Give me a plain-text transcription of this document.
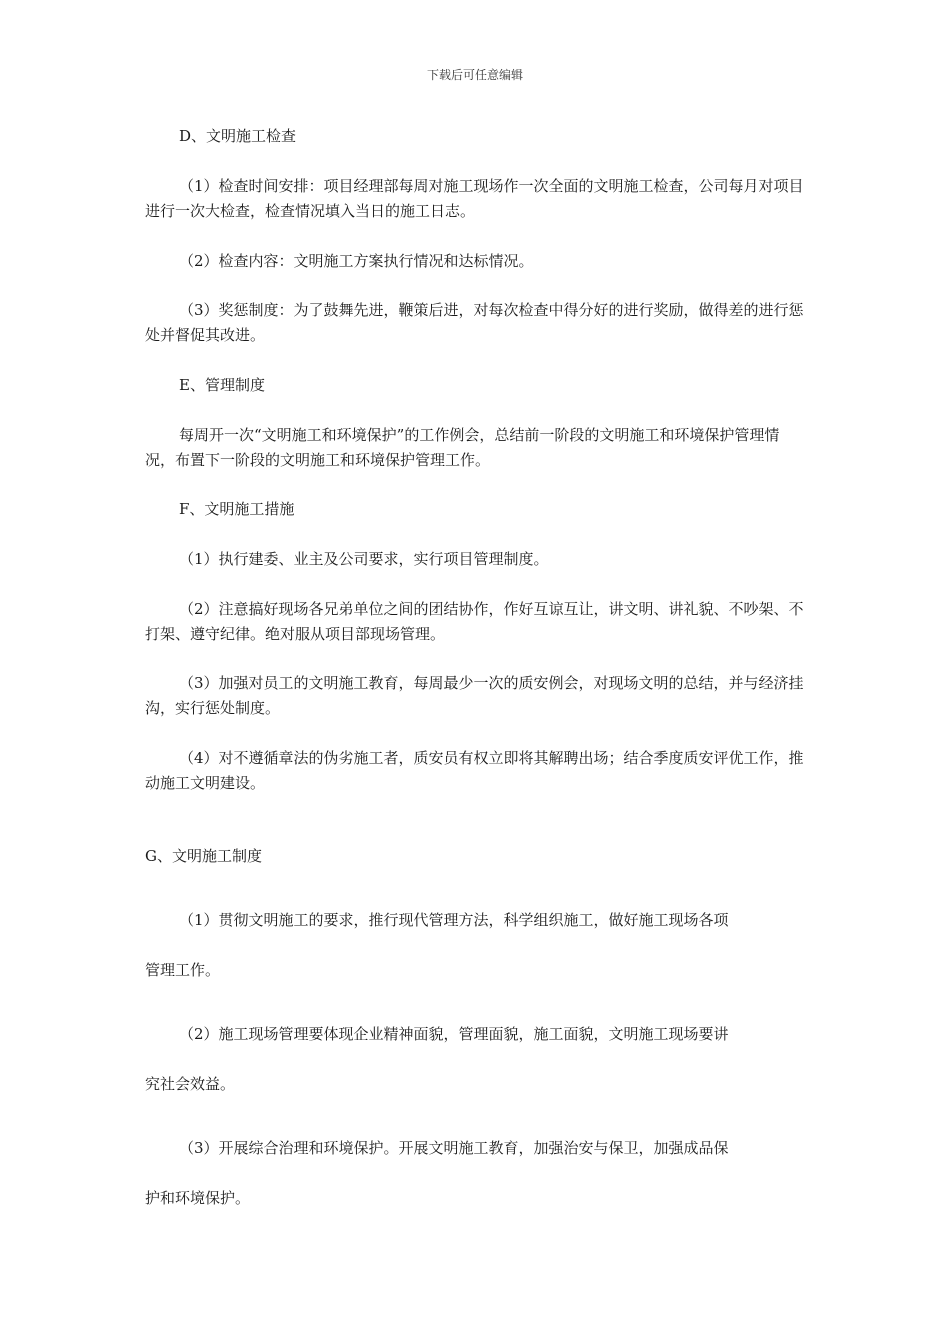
下载后可任意编辑

D、文明施工检查

（1）检查时间安排：项目经理部每周对施工现场作一次全面的文明施工检查，公司每月对项目进行一次大检查，检查情况填入当日的施工日志。

（2）检查内容：文明施工方案执行情况和达标情况。

（3）奖惩制度：为了鼓舞先进，鞭策后进，对每次检查中得分好的进行奖励，做得差的进行惩处并督促其改进。

E、管理制度

每周开一次“文明施工和环境保护”的工作例会，总结前一阶段的文明施工和环境保护管理情况，布置下一阶段的文明施工和环境保护管理工作。

F、文明施工措施

（1）执行建委、业主及公司要求，实行项目管理制度。

（2）注意搞好现场各兄弟单位之间的团结协作，作好互谅互让，讲文明、讲礼貌、不吵架、不打架、遵守纪律。绝对服从项目部现场管理。

（3）加强对员工的文明施工教育，每周最少一次的质安例会，对现场文明的总结，并与经济挂沟，实行惩处制度。

（4）对不遵循章法的伪劣施工者，质安员有权立即将其解聘出场；结合季度质安评优工作，推动施工文明建设。

G、文明施工制度

（1）贯彻文明施工的要求，推行现代管理方法，科学组织施工，做好施工现场各项

管理工作。

（2）施工现场管理要体现企业精神面貌，管理面貌，施工面貌，文明施工现场要讲

究社会效益。

（3）开展综合治理和环境保护。开展文明施工教育，加强治安与保卫，加强成品保

护和环境保护。
